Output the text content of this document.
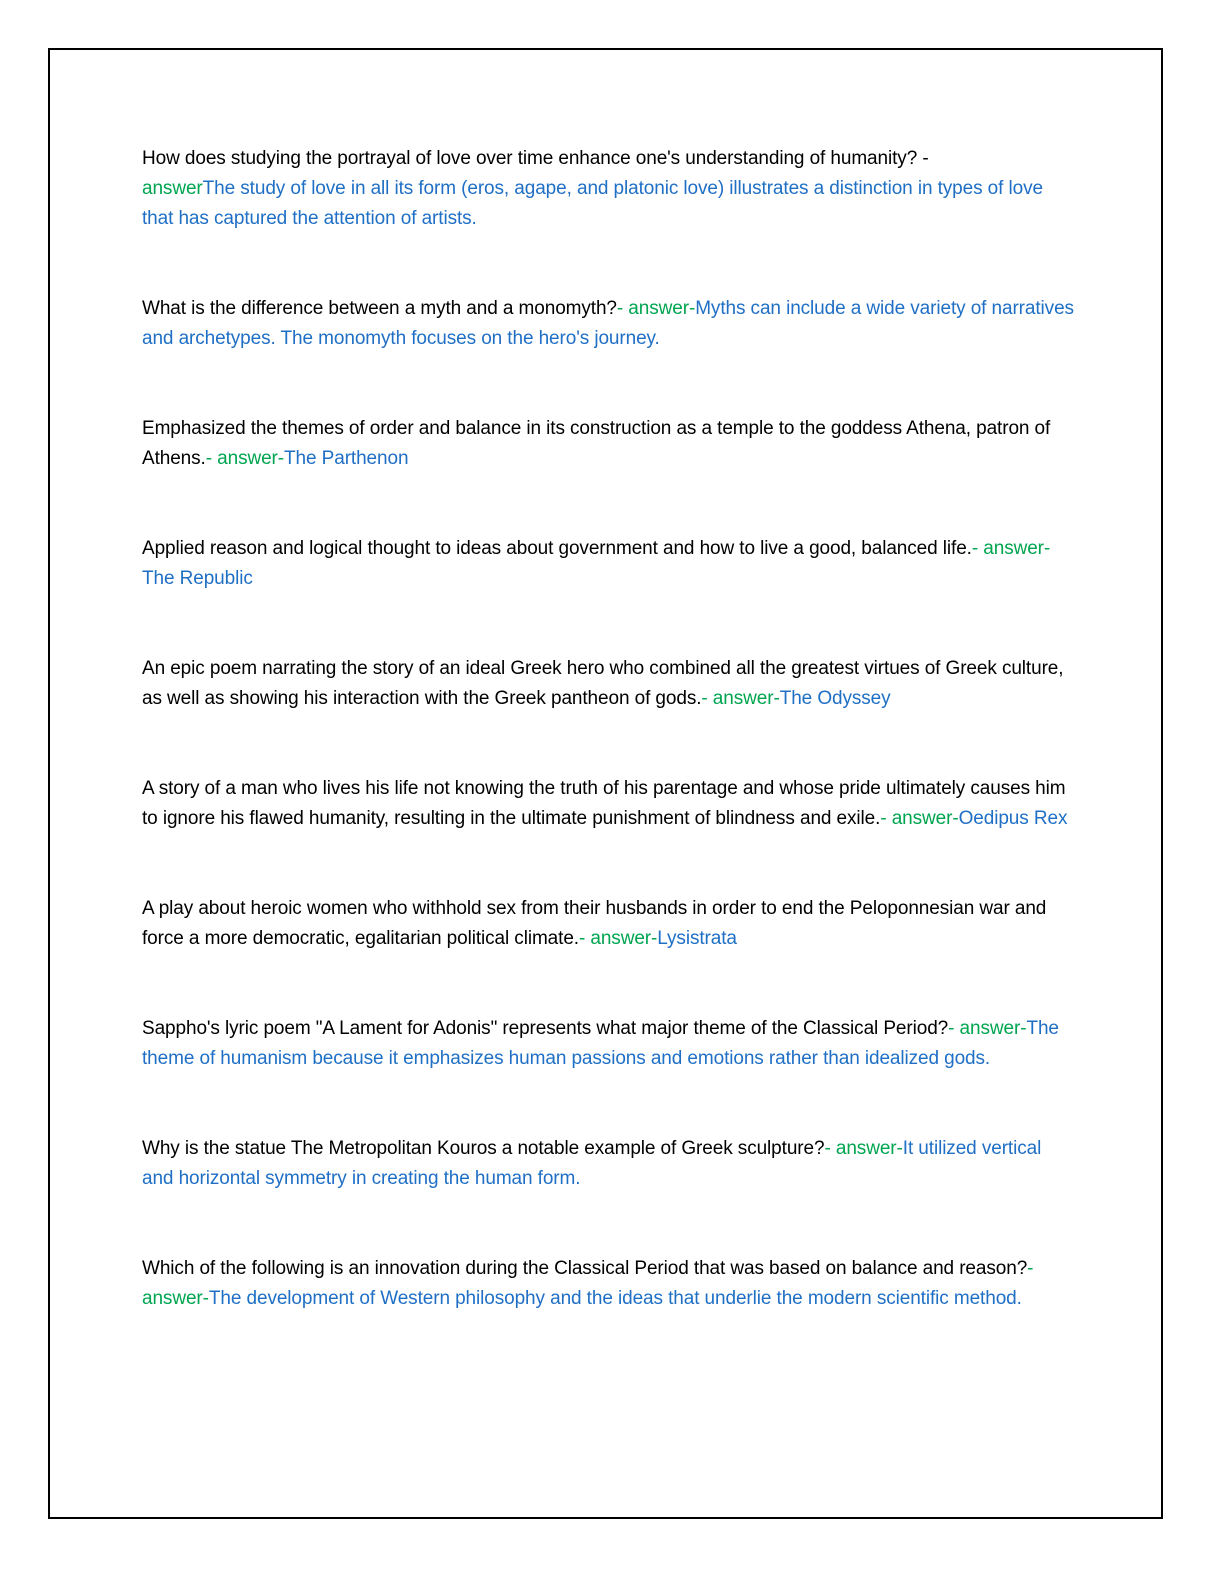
How does studying the portrayal of love over time enhance one's understanding of humanity? -
answerThe study of love in all its form (eros, agape, and platonic love) illustrates a distinction in types of love that has captured the attention of artists.

What is the difference between a myth and a monomyth?- answer-Myths can include a wide variety of narratives and archetypes. The monomyth focuses on the hero's journey.

Emphasized the themes of order and balance in its construction as a temple to the goddess Athena, patron of Athens.- answer-The Parthenon

Applied reason and logical thought to ideas about government and how to live a good, balanced life.- answer-The Republic

An epic poem narrating the story of an ideal Greek hero who combined all the greatest virtues of Greek culture, as well as showing his interaction with the Greek pantheon of gods.- answer-The Odyssey

A story of a man who lives his life not knowing the truth of his parentage and whose pride ultimately causes him to ignore his flawed humanity, resulting in the ultimate punishment of blindness and exile.- answer-Oedipus Rex

A play about heroic women who withhold sex from their husbands in order to end the Peloponnesian war and force a more democratic, egalitarian political climate.- answer-Lysistrata

Sappho's lyric poem "A Lament for Adonis" represents what major theme of the Classical Period?- answer-The theme of humanism because it emphasizes human passions and emotions rather than idealized gods.

Why is the statue The Metropolitan Kouros a notable example of Greek sculpture?- answer-It utilized vertical and horizontal symmetry in creating the human form.

Which of the following is an innovation during the Classical Period that was based on balance and reason?- answer-The development of Western philosophy and the ideas that underlie the modern scientific method.
